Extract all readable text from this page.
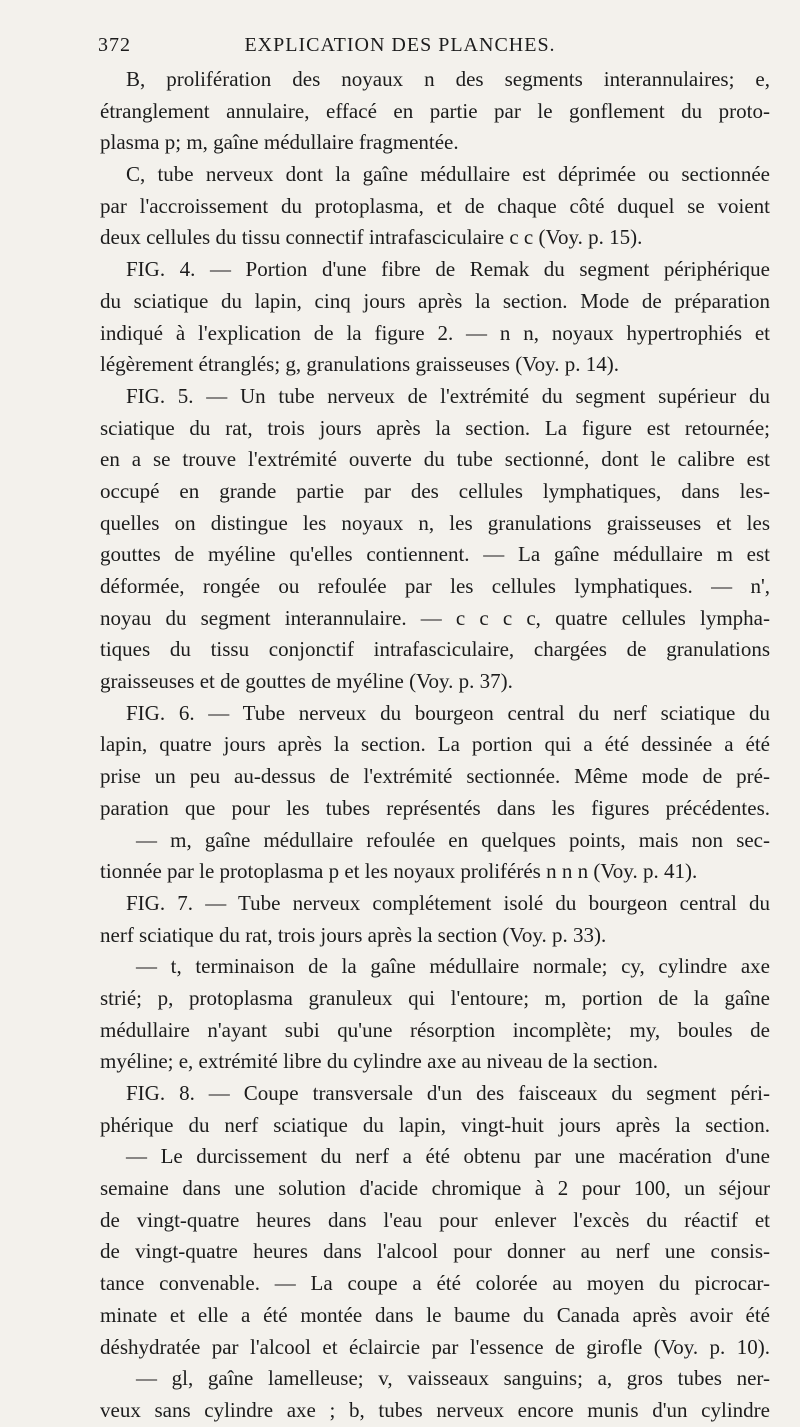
372	EXPLICATION DES PLANCHES.
B, prolifération des noyaux n des segments interannulaires; e,
étranglement annulaire, effacé en partie par le gonflement du proto-
plasma p; m, gaîne médullaire fragmentée.
C, tube nerveux dont la gaîne médullaire est déprimée ou sectionnée
par l'accroissement du protoplasma, et de chaque côté duquel se voient
deux cellules du tissu connectif intrafasciculaire c c (Voy. p. 15).
FIG. 4. — Portion d'une fibre de Remak du segment périphérique
du sciatique du lapin, cinq jours après la section. Mode de préparation
indiqué à l'explication de la figure 2. — n n, noyaux hypertrophiés et
légèrement étranglés; g, granulations graisseuses (Voy. p. 14).
FIG. 5. — Un tube nerveux de l'extrémité du segment supérieur du
sciatique du rat, trois jours après la section. La figure est retournée;
en a se trouve l'extrémité ouverte du tube sectionné, dont le calibre est
occupé en grande partie par des cellules lymphatiques, dans les-
quelles on distingue les noyaux n, les granulations graisseuses et les
gouttes de myéline qu'elles contiennent. — La gaîne médullaire m est
déformée, rongée ou refoulée par les cellules lymphatiques. — n',
noyau du segment interannulaire. — c c c c, quatre cellules lympha-
tiques du tissu conjonctif intrafasciculaire, chargées de granulations
graisseuses et de gouttes de myéline (Voy. p. 37).
FIG. 6. — Tube nerveux du bourgeon central du nerf sciatique du
lapin, quatre jours après la section. La portion qui a été dessinée a été
prise un peu au-dessus de l'extrémité sectionnée. Même mode de pré-
paration que pour les tubes représentés dans les figures précédentes.
— m, gaîne médullaire refoulée en quelques points, mais non sec-
tionnée par le protoplasma p et les noyaux proliférés n n n (Voy. p. 41).
FIG. 7. — Tube nerveux complétement isolé du bourgeon central du
nerf sciatique du rat, trois jours après la section (Voy. p. 33).
— t, terminaison de la gaîne médullaire normale; cy, cylindre axe
strié; p, protoplasma granuleux qui l'entoure; m, portion de la gaîne
médullaire n'ayant subi qu'une résorption incomplète; my, boules de
myéline; e, extrémité libre du cylindre axe au niveau de la section.
FIG. 8. — Coupe transversale d'un des faisceaux du segment péri-
phérique du nerf sciatique du lapin, vingt-huit jours après la section.
— Le durcissement du nerf a été obtenu par une macération d'une
semaine dans une solution d'acide chromique à 2 pour 100, un séjour
de vingt-quatre heures dans l'eau pour enlever l'excès du réactif et
de vingt-quatre heures dans l'alcool pour donner au nerf une consis-
tance convenable. — La coupe a été colorée au moyen du picrocar-
minate et elle a été montée dans le baume du Canada après avoir été
déshydratée par l'alcool et éclaircie par l'essence de girofle (Voy. p. 10).
— gl, gaîne lamelleuse; v, vaisseaux sanguins; a, gros tubes ner-
veux sans cylindre axe ; b, tubes nerveux encore munis d'un cylindre
